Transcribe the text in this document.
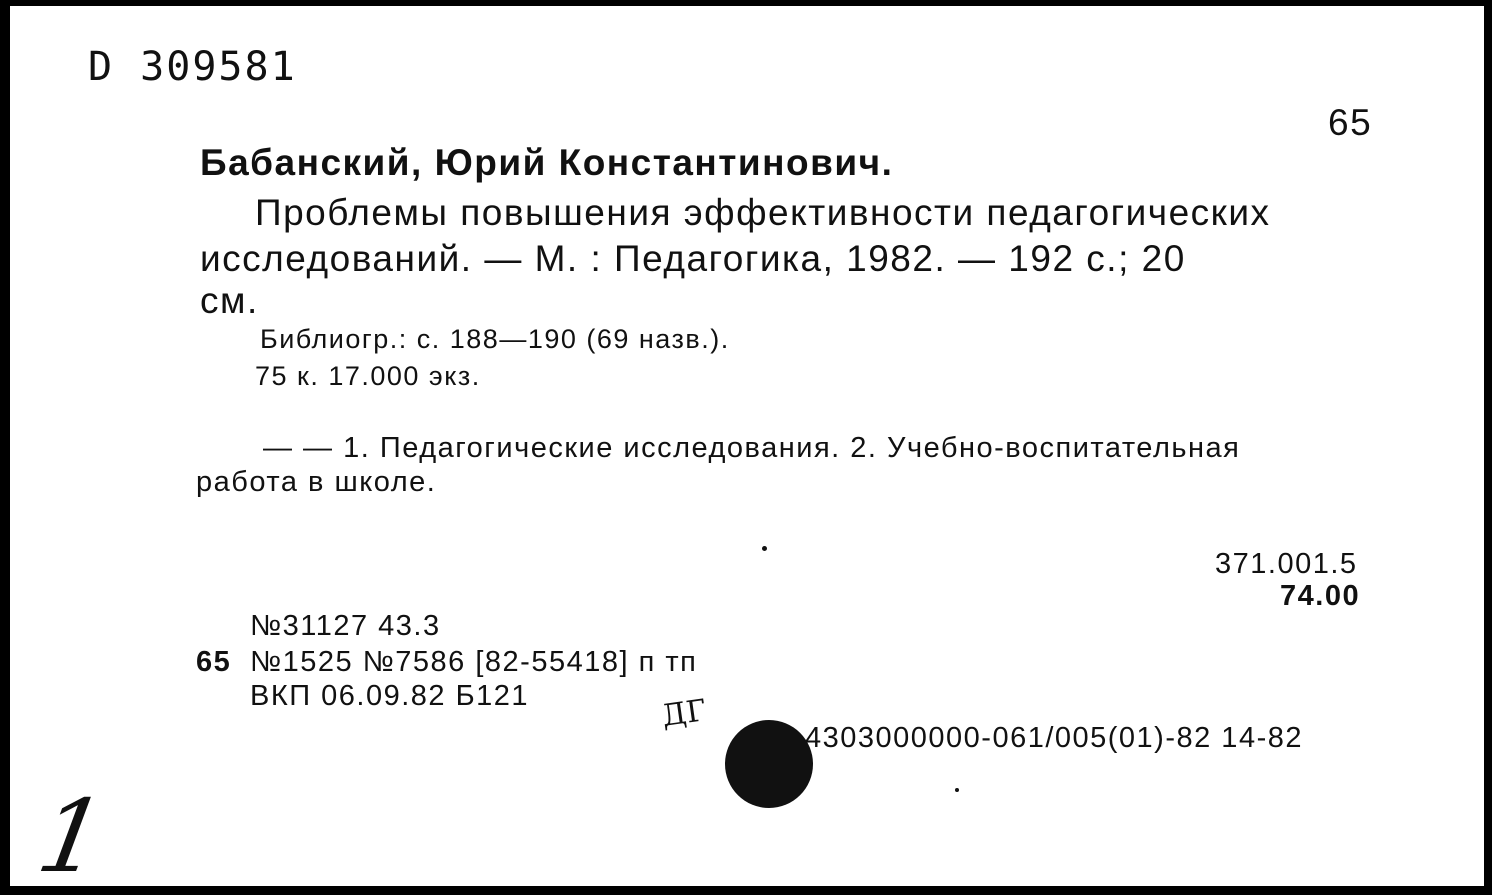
D 309581
65
Бабанский, Юрий Константинович.
Проблемы повышения эффективности педагогических
исследований. — М. : Педагогика, 1982. — 192 с.; 20
см.
Библиогр.: с. 188—190 (69 назв.).
75 к. 17.000 экз.
— — 1. Педагогические исследования. 2. Учебно-воспитательная
работа в школе.
371.001.5
74.00
№31127 43.3
65 №1525 №7586 [82-55418] п тп
ВКП 06.09.82 Б121	ДГ
4303000000-061/005(01)-82 14-82
1
